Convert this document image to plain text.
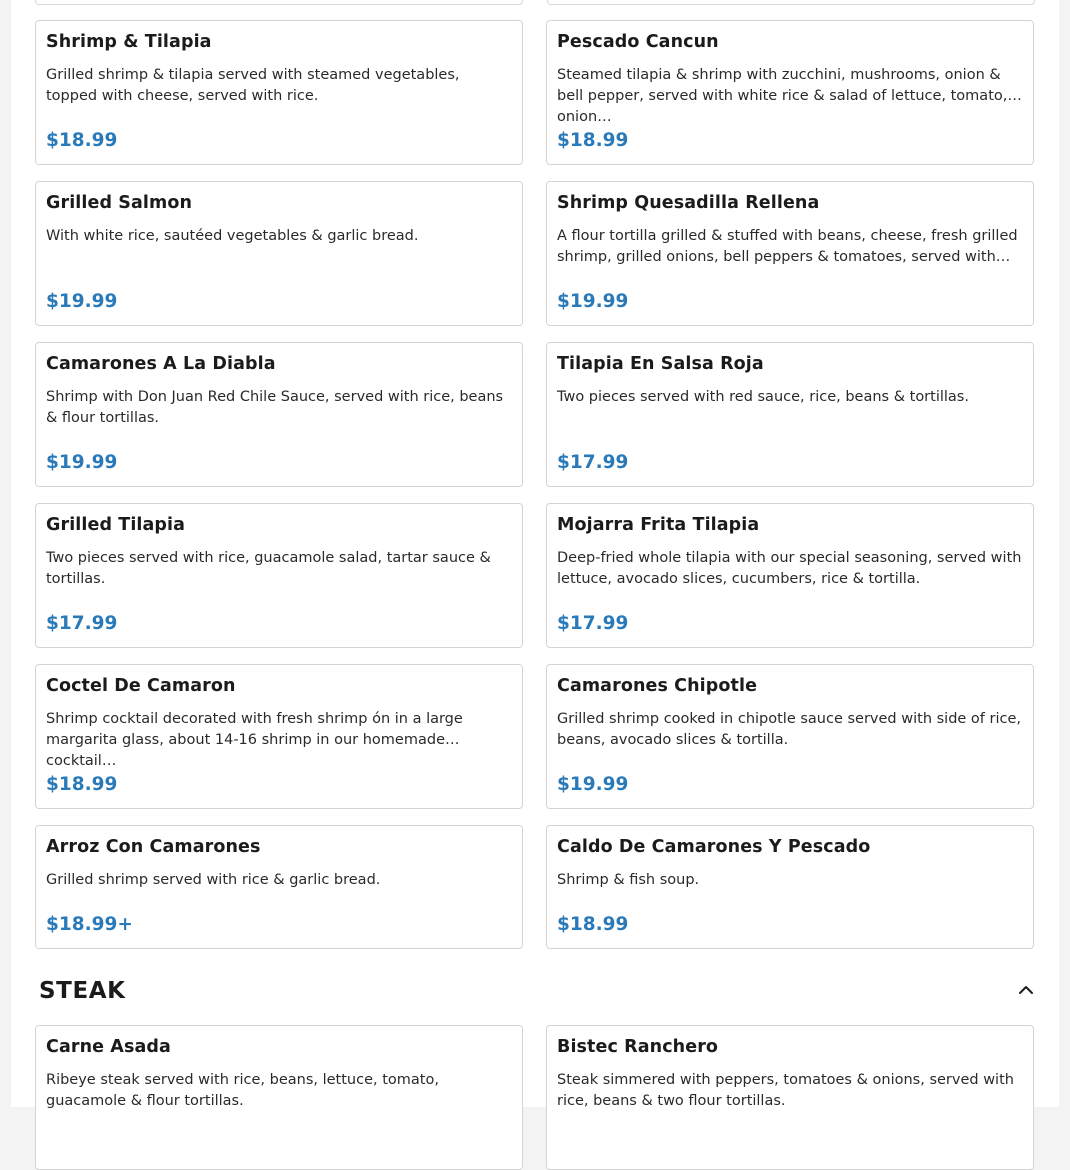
Shrimp & Tilapia
Grilled shrimp & tilapia served with steamed vegetables, topped with cheese, served with rice.
$18.99
Pescado Cancun
Steamed tilapia & shrimp with zucchini, mushrooms, onion & bell pepper, served with white rice & salad of lettuce, tomato, onion…
$18.99
Grilled Salmon
With white rice, sautéed vegetables & garlic bread.
$19.99
Shrimp Quesadilla Rellena
A flour tortilla grilled & stuffed with beans, cheese, fresh grilled shrimp, grilled onions, bell peppers & tomatoes, served with…
$19.99
Camarones A La Diabla
Shrimp with Don Juan Red Chile Sauce, served with rice, beans & flour tortillas.
$19.99
Tilapia En Salsa Roja
Two pieces served with red sauce, rice, beans & tortillas.
$17.99
Grilled Tilapia
Two pieces served with rice, guacamole salad, tartar sauce & tortillas.
$17.99
Mojarra Frita Tilapia
Deep-fried whole tilapia with our special seasoning, served with lettuce, avocado slices, cucumbers, rice & tortilla.
$17.99
Coctel De Camaron
Shrimp cocktail decorated with fresh shrimp ón in a large margarita glass, about 14-16 shrimp in our homemade cocktail…
$18.99
Camarones Chipotle
Grilled shrimp cooked in chipotle sauce served with side of rice, beans, avocado slices & tortilla.
$19.99
Arroz Con Camarones
Grilled shrimp served with rice & garlic bread.
$18.99+
Caldo De Camarones Y Pescado
Shrimp & fish soup.
$18.99
STEAK
Carne Asada
Ribeye steak served with rice, beans, lettuce, tomato, guacamole & flour tortillas.
Bistec Ranchero
Steak simmered with peppers, tomatoes & onions, served with rice, beans & two flour tortillas.
